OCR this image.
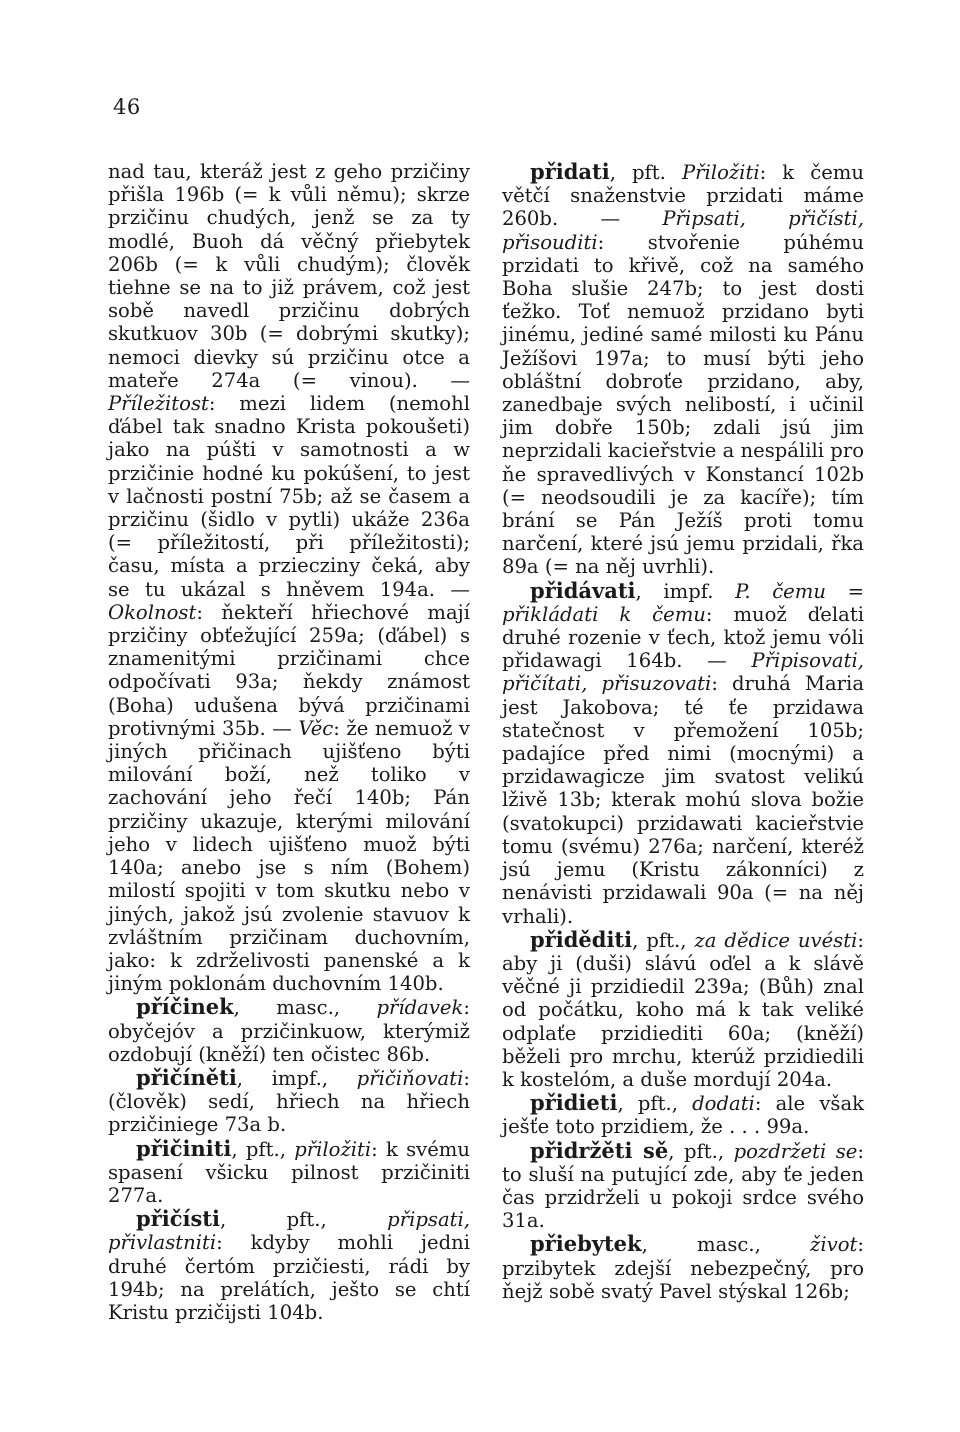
46

nad tau, kteráž jest z geho przičiny přišla 196b (= k vůli němu); skrze przičinu chudých, jenž se za ty modlé, Buoh dá věčný přiebytek 206b (= k vůli chudým); člověk tiehne se na to již právem, což jest sobě navedl przičinu dobrých skutkuov 30b (= dobrými skutky); nemoci dievky sú przičinu otce a mateře 274a (= vinou). — Příležitost: mezi lidem (nemohl ďábel tak snadno Krista pokoušeti) jako na púšti v samotnosti a w przičinie hodné ku pokúšení, to jest v lačnosti postní 75b; až se časem a przičinu (šidlo v pytli) ukáže 236a (= příležitostí, při příležitosti); času, místa a przieczinу čeká, aby se tu ukázal s hněvem 194a. — Okolnost: ňekteří hřiechové mají przičiny obťežující 259a; (ďábel) s znamenitými przičinami chce odpočívati 93a; ňekdy známost (Boha) udušena bývá przičinami protivnými 35b. — Věc: že nemuož v jiných přičinach ujišťeno býti milování boží, než toliko v zachování jeho řečí 140b; Pán przičiny ukazuje, kterými milování jeho v lidech ujišťeno muož býti 140a; anebo jse s ním (Bohem) milostí spojiti v tom skutku nebo v jiných, jakož jsú zvolenie stavuov k zvláštním przičinam duchovním, jako: k zdrželivosti panenské a k jiným poklonám duchovním 140b.

příčinek, masc., přídavek: obyčejóv a przičinkuow, kterýmiž ozdobují (kněží) ten očistec 86b.

přičíněti, impf., přičiňovati: (člověk) sedí, hřiech na hřiech przičiniege 73a b.

přičiniti, pft., přiložiti: k svému spasení všicku pilnost przičiniti 277a.

přičísti, pft., připsati, přivlastniti: kdyby mohli jedni druhé čertóm przičiesti, rádi by 194b; na prelátích, ješto se chtí Kristu przičijsti 104b.

přidati, pft. Přiložiti: k čemu větčí snaženstvie przidati máme 260b. — Připsati, přičísti, přisouditi: stvořenie púhému przidati to křivě, což na samého Boha slušie 247b; to jest dosti ťežko. Toť nemuož przidano byti jinému, jediné samé milosti ku Pánu Ježíšovi 197a; to musí býti jeho obláštní dobroťe przidano, aby, zanedbaje svých nelibostí, i učinil jim dobře 150b; zdali jsú jim neprzidali kacieřstvie a nespálili pro ňe spravedlivých v Konstancí 102b (= neodsoudili je za kacíře); tím brání se Pán Ježíš proti tomu narčení, které jsú jemu przidali, řka 89a (= na něj uvrhli).

přidávati, impf. P. čemu = přikládati k čemu: muož ďelati druhé rozenie v ťech, ktož jemu vóli přidawagi 164b. — Připisovati, přičítati, přisuzovati: druhá Maria jest Jakobova; té ťe przidawa statečnost v přemožení 105b; padajíce před nimi (mocnými) a przidawagicze jim svatost velikú lživě 13b; kterak mohú slova božie (svatokupci) przidawati kacieřstvie tomu (svému) 276a; narčení, kteréž jsú jemu (Kristu zákonníci) z nenávisti przidawali 90a (= na něj vrhali).

přiděditi, pft., za dědice uvésti: aby ji (duši) slávú oďel a k slávě věčné ji przidiedil 239a; (Bůh) znal od počátku, koho má k tak veliké odplaťe przidiediti 60a; (kněží) běželi pro mrchu, kterúž przidiedili k kostelóm, a duše mordují 204a.

přidieti, pft., dodati: ale však ješťe toto przidiem, že . . . 99a.

přidržěti sě, pft., pozdržeti se: to sluší na putující zde, aby ťe jeden čas przidrželi u pokoji srdce svého 31a.

přiebytek, masc., život: przibytek zdejší nebezpečný, pro ňejž sobě svatý Pavel stýskal 126b;
